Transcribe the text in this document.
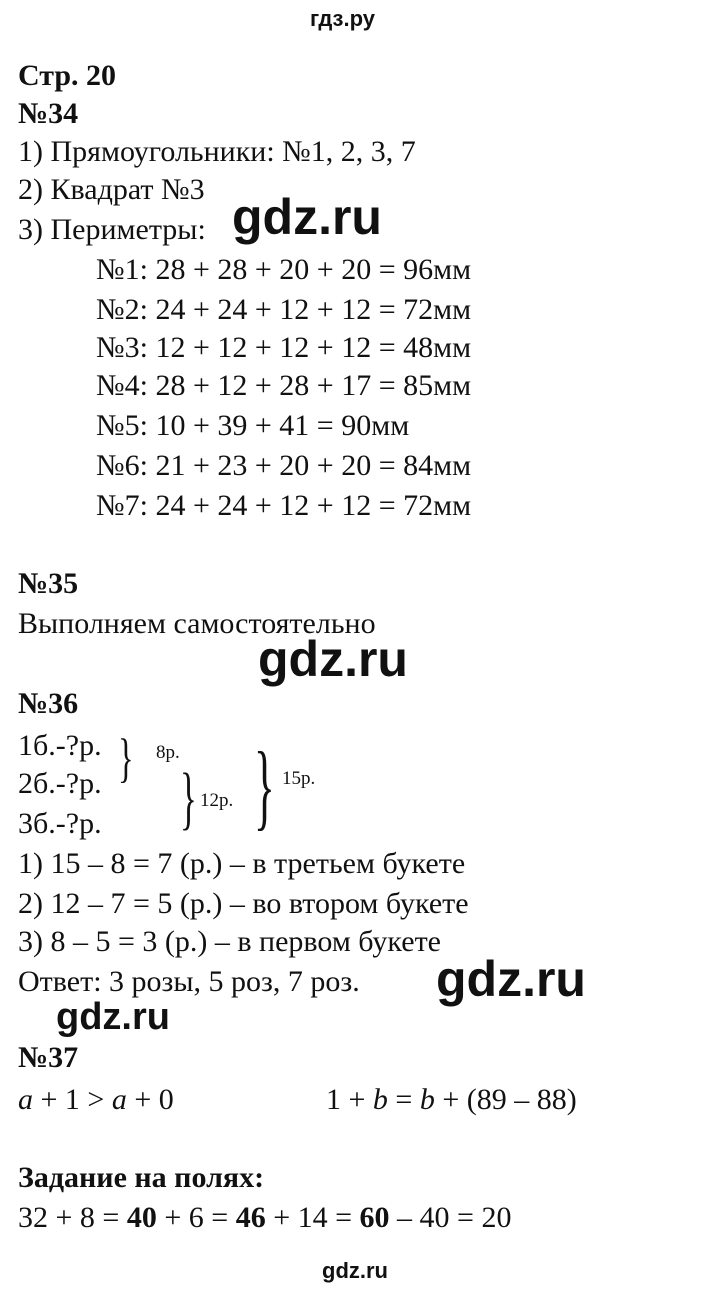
гдз.ру
Стр. 20
№34
1) Прямоугольники: №1, 2, 3, 7
2) Квадрат №3
3) Периметры: gdz.ru
№1: 28 + 28 + 20 + 20 = 96мм
№2: 24 + 24 + 12 + 12 = 72мм
№3: 12 + 12 + 12 + 12 = 48мм
№4: 28 + 12 + 28 + 17 = 85мм
№5: 10 + 39 + 41 = 90мм
№6: 21 + 23 + 20 + 20 = 84мм
№7: 24 + 24 + 12 + 12 = 72мм
№35
Выполняем самостоятельно
gdz.ru
№36
1б.-?р.
2б.-?р.
3б.-?р.
} 8р.
} 12р. } 15р.
1) 15 – 8 = 7 (р.) – в третьем букете
2) 12 – 7 = 5 (р.) – во втором букете
3) 8 – 5 = 3 (р.) – в первом букете
Ответ: 3 розы, 5 роз, 7 роз. gdz.ru
gdz.ru
№37
a + 1 > a + 0	1 + b = b + (89 – 88)
Задание на полях:
32 + 8 = 40 + 6 = 46 + 14 = 60 – 40 = 20
gdz.ru
